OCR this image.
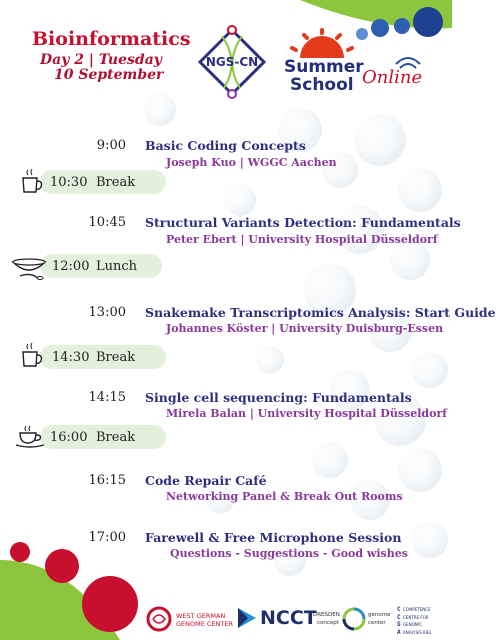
Bioinformatics
Day 2 | Tuesday
10 September
NGS-CN Summer
School Online
9:00 Basic Coding Concepts
Joseph Kuo | WGGC Aachen
10:45 Structural Variants Detection: Fundamentals
Peter Ebert | University Hospital Düsseldorf
13:00 Snakemake Transcriptomics Analysis: Start Guide
Johannes Köster | University Duisburg-Essen
14:15 Single cell sequencing: Fundamentals
Mirela Balan | University Hospital Düsseldorf
16:15 Code Repair Café
Networking Panel & Break Out Rooms
17:00 Farewell & Free Microphone Session
Questions - Suggestions - Good wishes
10:30 Break
12:00 Lunch
14:30 Break
16:00 Break
WEST GERMAN
GENOME CENTER NCCT
DRESDEN
concept
genome
center
C
C
G
A
COMPETENCE
CENTRE FOR
GENOMIC
ANALYSIS KIEL
